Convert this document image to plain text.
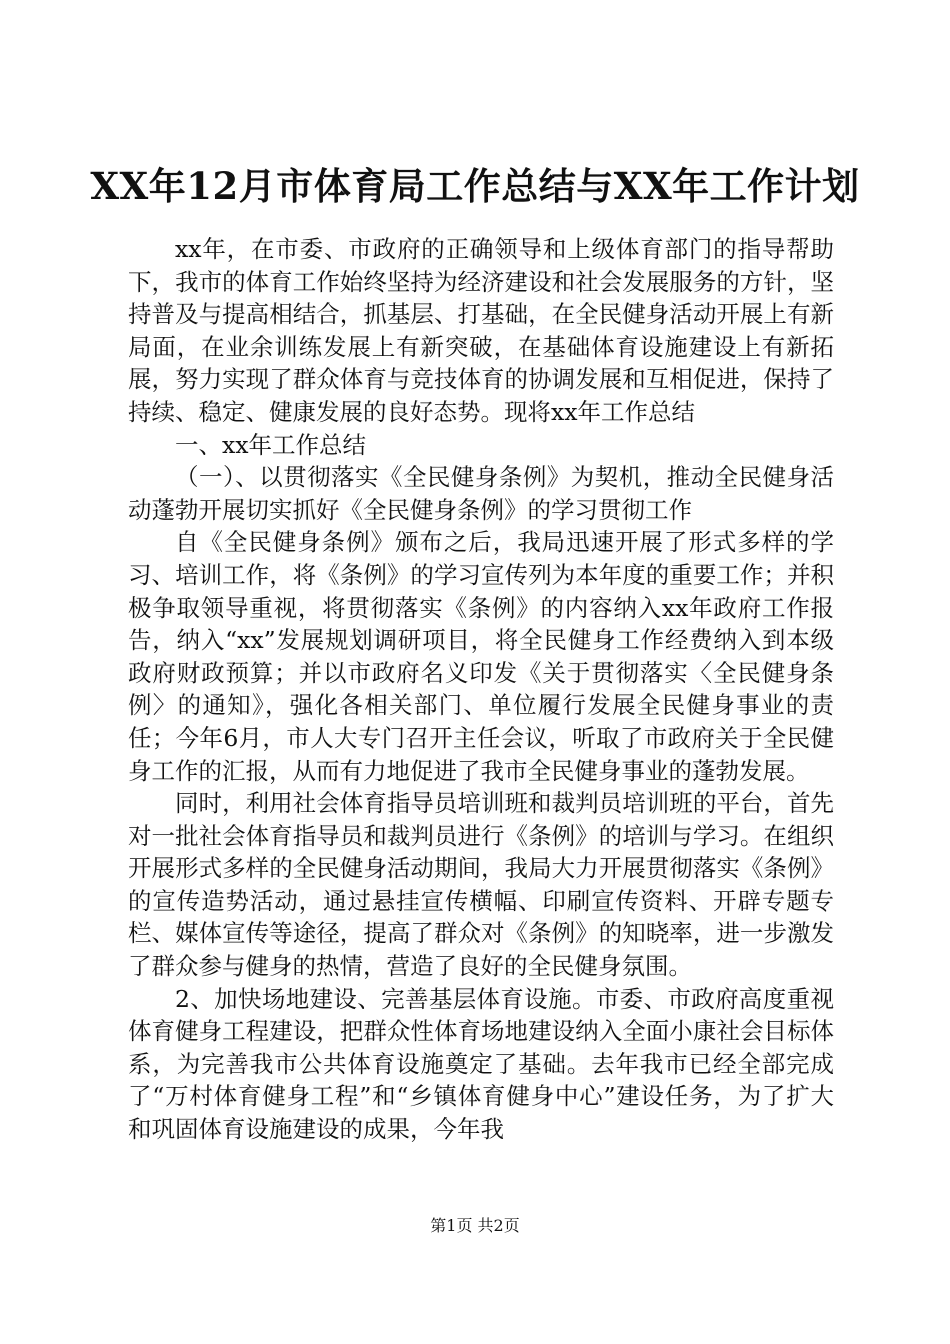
XX年12月市体育局工作总结与XX年工作计划

xx年，在市委、市政府的正确领导和上级体育部门的指导帮助下，我市的体育工作始终坚持为经济建设和社会发展服务的方针，坚持普及与提高相结合，抓基层、打基础，在全民健身活动开展上有新局面，在业余训练发展上有新突破，在基础体育设施建设上有新拓展，努力实现了群众体育与竞技体育的协调发展和互相促进，保持了持续、稳定、健康发展的良好态势。现将xx年工作总结

一、xx年工作总结

（一）、以贯彻落实《全民健身条例》为契机，推动全民健身活动蓬勃开展切实抓好《全民健身条例》的学习贯彻工作

自《全民健身条例》颁布之后，我局迅速开展了形式多样的学习、培训工作，将《条例》的学习宣传列为本年度的重要工作；并积极争取领导重视，将贯彻落实《条例》的内容纳入xx年政府工作报告，纳入“xx”发展规划调研项目，将全民健身工作经费纳入到本级政府财政预算；并以市政府名义印发《关于贯彻落实〈全民健身条例〉的通知》，强化各相关部门、单位履行发展全民健身事业的责任；今年6月，市人大专门召开主任会议，听取了市政府关于全民健身工作的汇报，从而有力地促进了我市全民健身事业的蓬勃发展。

同时，利用社会体育指导员培训班和裁判员培训班的平台，首先对一批社会体育指导员和裁判员进行《条例》的培训与学习。在组织开展形式多样的全民健身活动期间，我局大力开展贯彻落实《条例》的宣传造势活动，通过悬挂宣传横幅、印刷宣传资料、开辟专题专栏、媒体宣传等途径，提高了群众对《条例》的知晓率，进一步激发了群众参与健身的热情，营造了良好的全民健身氛围。

2、加快场地建设、完善基层体育设施。市委、市政府高度重视体育健身工程建设，把群众性体育场地建设纳入全面小康社会目标体系，为完善我市公共体育设施奠定了基础。去年我市已经全部完成了“万村体育健身工程”和“乡镇体育健身中心”建设任务，为了扩大和巩固体育设施建设的成果，今年我

第1页 共2页
